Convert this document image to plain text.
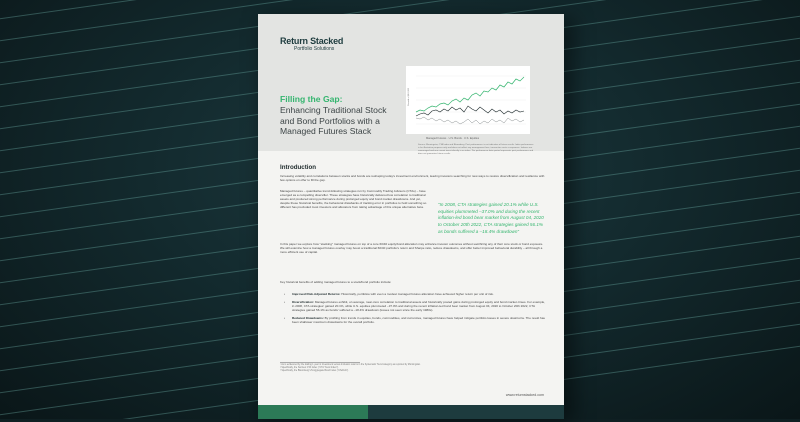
Return Stacked
Portfolio Solutions
Filling the Gap:
Enhancing Traditional Stock and Bond Portfolios with a Managed Futures Stack
Growth of $10,000
Managed Futures · U.S. Bonds · U.S. Equities
Source: Morningstar, CTA Index and Bloomberg. Past performance is not indicative of future results. Index performance is for illustrative purposes only and does not reflect any management fees, transaction costs or expenses. Indexes are unmanaged and one cannot invest directly in an index. The performance data quoted represents past performance and does not guarantee future results.
Introduction
Increasing volatility and correlations between stocks and bonds are reshaping today's investment environment, leaving investors searching for new ways to restore diversification and resilience with few options on offer to fill the gap.
Managed futures – quantitative trend-following strategies run by Commodity Trading Advisors (CTAs) – have emerged as a compelling diversifier. These strategies have historically delivered low correlation to traditional assets and produced strong performance during prolonged equity and bond market drawdowns. And yet, despite these historical benefits, the behavioral drawbacks of tracking error in portfolios to hold something so different has precluded most investors and allocators from taking advantage of this unique alternative beta.
In this paper we explore how "stacking" managed futures on top of a core 60/40 equity/bond allocation may enhance investor outcomes without sacrificing any of their core stock or bond exposure. We will examine how a managed futures overlay may boost a traditional 60/40 portfolio's return and Sharpe ratio, reduce drawdowns, and offer better improved behavioral durability – all through a more efficient use of capital.
Key historical benefits of adding managed futures to a stock/bond portfolio include:
"In 2008, CTA strategies gained 20.1% while U.S. equities plummeted –37.0% and during the recent inflation-led bond bear market from August 04, 2020 to October 20th 2022, CTA strategies gained 56.1% as bonds suffered a –18.4% drawdown"
• Improved Risk-Adjusted Returns: Historically, portfolios with even a modest managed futures allocation have achieved higher return per unit of risk.
• Diversification: Managed futures exhibit, on average, near-zero correlation to traditional assets and historically posted gains during prolonged equity and bond market crises. For example, in 2008, CTA strategies' gained 20.1%, while U.S. equities plummeted –37.0% and during the recent inflation-led bond bear market from August 04, 2020 to October 20th 2022, CTA strategies gained 56.1% as bonds' suffered a –18.4% drawdown (losses not seen since the early 1980s).
• Reduced Drawdowns: By profiting from trends in equities, bonds, commodities, and currencies, managed futures have helped mitigate portfolio losses in severe downturns. The result has been shallower maximum drawdowns for the overall portfolio.
¹ As is evidenced by the trailing 1 year in Investment versus Inclusion returns in the Systematic Trend category as reported by Morningstar.
² Specifically, the SocGen CTA Index (“CTA Trend Index”).
³ Specifically, the Bloomberg US Aggregate Bond Index (“USAGG”).
www.returnstacked.com
